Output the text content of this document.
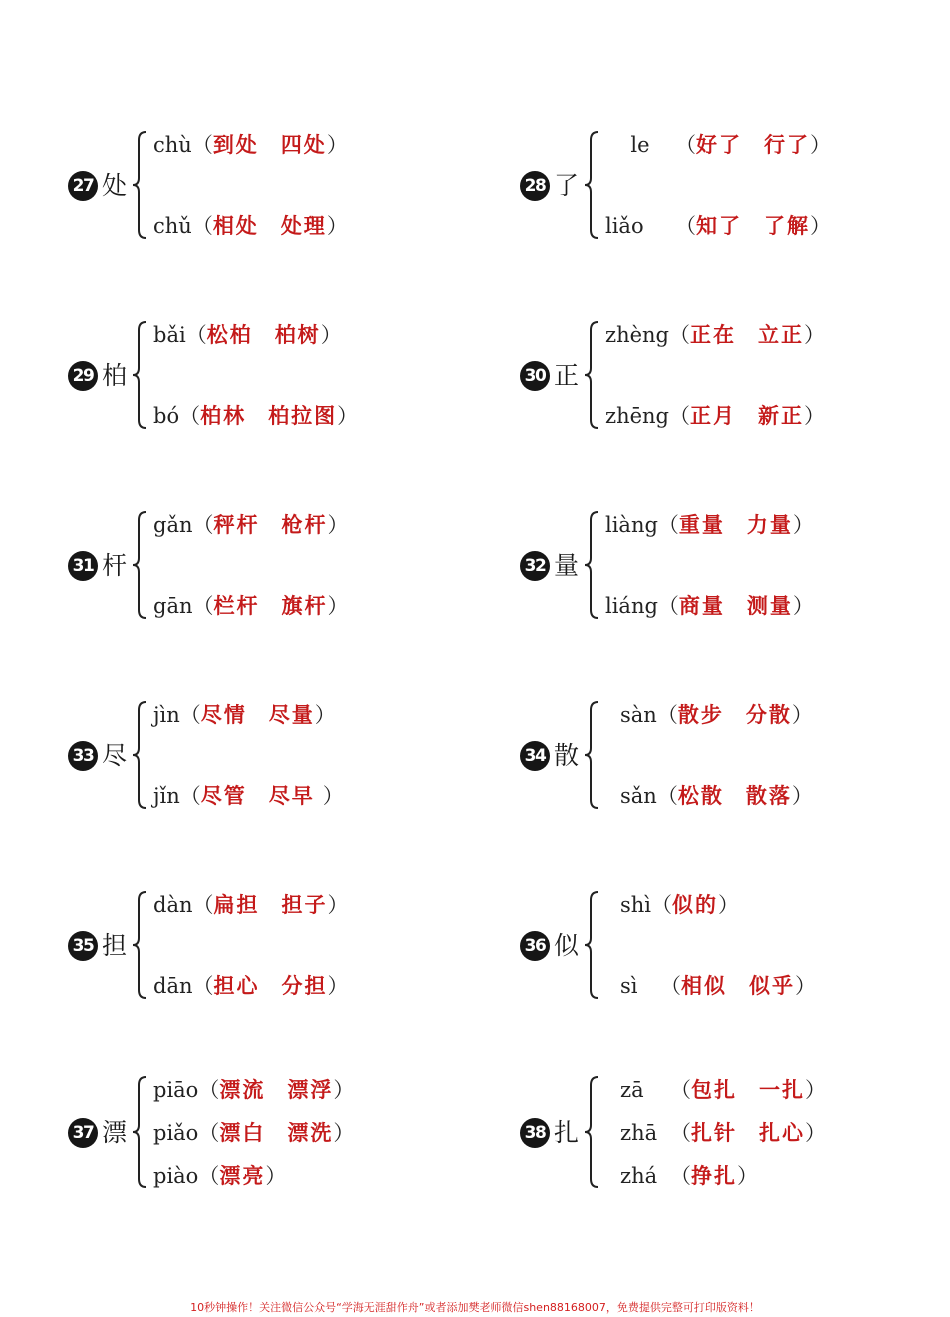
27 处
chù （ 到处 四处 ）
chǔ （ 相处 处理 ）
28 了
le	（ 好了 行了 ）
liǎo	（ 知了 了解 ）
29 柏
bǎi （ 松柏 柏树 ）
bó （ 柏林 柏拉图 ）
30 正
zhèng （ 正在 立正 ）
zhēng （ 正月 新正 ）
31 杆
gǎn （ 秤杆 枪杆 ）
gān （ 栏杆 旗杆 ）
32 量
liàng （ 重量 力量 ）
liáng （ 商量 测量 ）
33 尽
jìn （ 尽情 尽量 ）
jǐn （ 尽管 尽早 ）
34 散
sàn （ 散步 分散 ）
sǎn （ 松散 散落 ）
35 担
dàn （ 扁担 担子 ）
dān （ 担心 分担 ）
36 似
shì （ 似的 ）
sì	（ 相似 似乎 ）
37 漂
piāo （ 漂流 漂浮 ）
piǎo （ 漂白 漂洗 ）
piào （ 漂亮 ）
38 扎
zā	（ 包扎 一扎 ）
zhā （ 扎针 扎心 ）
zhá （ 挣扎 ）
10秒钟操作！关注微信公众号“学海无涯甜作舟”或者添加樊老师微信shen88168007，免费提供完整可打印版资料！
